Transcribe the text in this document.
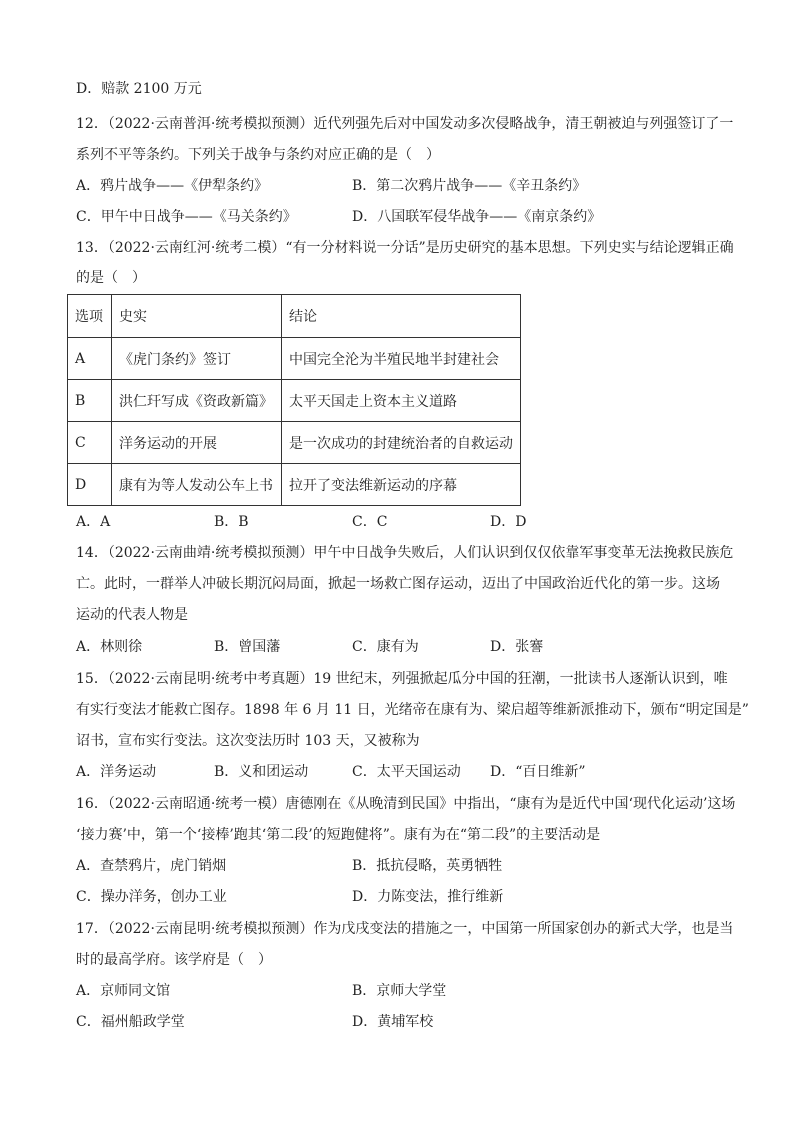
D．赔款 2100 万元
12．（2022·云南普洱·统考模拟预测）近代列强先后对中国发动多次侵略战争，清王朝被迫与列强签订了一
系列不平等条约。下列关于战争与条约对应正确的是（　）
A．鸦片战争——《伊犁条约》	B．第二次鸦片战争——《辛丑条约》
C．甲午中日战争——《马关条约》	D．八国联军侵华战争——《南京条约》
13．（2022·云南红河·统考二模）“有一分材料说一分话”是历史研究的基本思想。下列史实与结论逻辑正确
的是（　）
选项	史实	结论
A	《虎门条约》签订	中国完全沦为半殖民地半封建社会
B	洪仁玕写成《资政新篇》	太平天国走上资本主义道路
C	洋务运动的开展	是一次成功的封建统治者的自救运动
D	康有为等人发动公车上书	拉开了变法维新运动的序幕
A．A	B．B	C．C	D．D
14．（2022·云南曲靖·统考模拟预测）甲午中日战争失败后，人们认识到仅仅依靠军事变革无法挽救民族危
亡。此时，一群举人冲破长期沉闷局面，掀起一场救亡图存运动，迈出了中国政治近代化的第一步。这场
运动的代表人物是
A．林则徐	B．曾国藩	C．康有为	D．张謇
15．（2022·云南昆明·统考中考真题）19 世纪末，列强掀起瓜分中国的狂潮，一批读书人逐渐认识到，唯
有实行变法才能救亡图存。1898 年 6 月 11 日，光绪帝在康有为、梁启超等维新派推动下，颁布“明定国是”
诏书，宣布实行变法。这次变法历时 103 天，又被称为
A．洋务运动	B．义和团运动	C．太平天国运动 D．“百日维新”
16．（2022·云南昭通·统考一模）唐德刚在《从晚清到民国》中指出，“康有为是近代中国‘现代化运动’这场
‘接力赛’中，第一个‘接棒’跑其‘第二段’的短跑健将”。康有为在“第二段”的主要活动是
A．查禁鸦片，虎门销烟	B．抵抗侵略，英勇牺牲
C．操办洋务，创办工业	D．力陈变法，推行维新
17．（2022·云南昆明·统考模拟预测）作为戊戌变法的措施之一，中国第一所国家创办的新式大学，也是当
时的最高学府。该学府是（　）
A．京师同文馆	B．京师大学堂
C．福州船政学堂	D．黄埔军校
